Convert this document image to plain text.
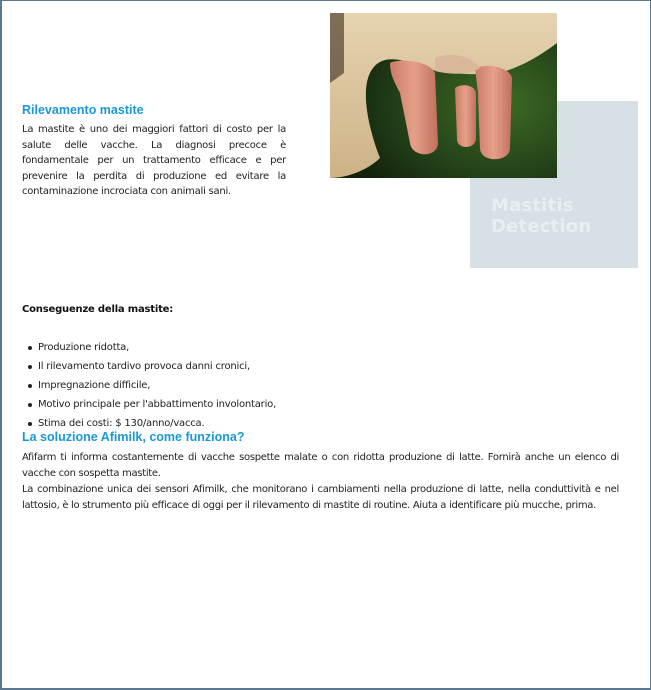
Rilevamento mastite

La mastite è uno dei maggiori fattori di costo per la salute delle vacche. La diagnosi precoce è fondamentale per un trattamento efficace e per prevenire la perdita di produzione ed evitare la contaminazione incrociata con animali sani.

Mastitis
Detection

Conseguenze della mastite:

Produzione ridotta,
Il rilevamento tardivo provoca danni cronici,
Impregnazione difficile,
Motivo principale per l'abbattimento involontario,
Stima dei costi: $ 130/anno/vacca.
La soluzione Afimilk, come funziona?

Afifarm ti informa costantemente di vacche sospette malate o con ridotta produzione di latte. Fornirà anche un elenco di vacche con sospetta mastite.

La combinazione unica dei sensori Afimilk, che monitorano i cambiamenti nella produzione di latte, nella conduttività e nel lattosio, è lo strumento più efficace di oggi per il rilevamento di mastite di routine. Aiuta a identificare più mucche, prima.
